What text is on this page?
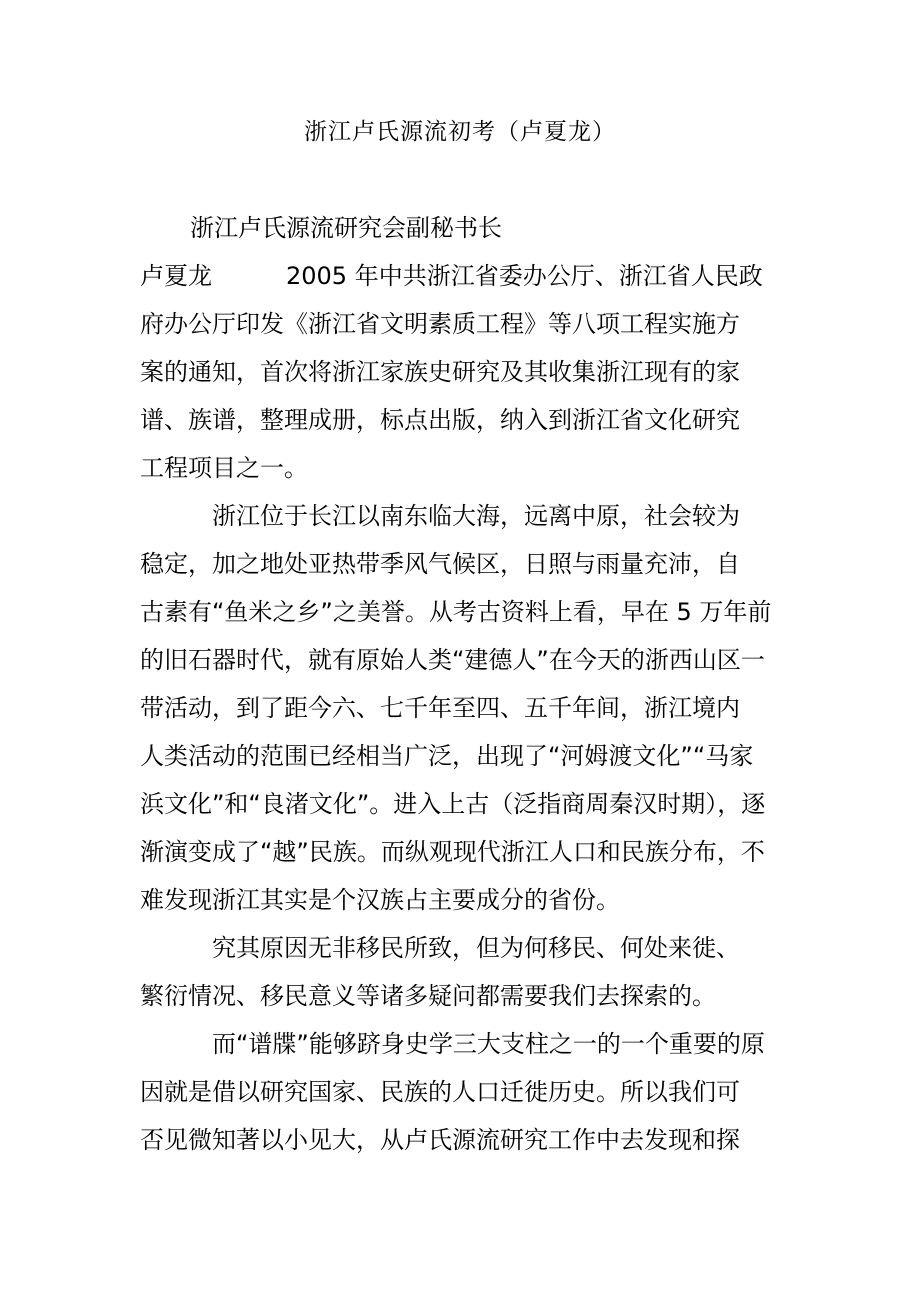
浙江卢氏源流初考（卢夏龙）
浙江卢氏源流研究会副秘书长
卢夏龙	2005 年中共浙江省委办公厅、浙江省人民政
府办公厅印发《浙江省文明素质工程》等八项工程实施方
案的通知，首次将浙江家族史研究及其收集浙江现有的家
谱、族谱，整理成册，标点出版，纳入到浙江省文化研究
工程项目之一。
浙江位于长江以南东临大海，远离中原，社会较为
稳定，加之地处亚热带季风气候区，日照与雨量充沛，自
古素有“鱼米之乡”之美誉。从考古资料上看，早在 5 万年前
的旧石器时代，就有原始人类“建德人”在今天的浙西山区一
带活动，到了距今六、七千年至四、五千年间，浙江境内
人类活动的范围已经相当广泛，出现了“河姆渡文化”“马家
浜文化”和“良渚文化”。进入上古（泛指商周秦汉时期），逐
渐演变成了“越”民族。而纵观现代浙江人口和民族分布，不
难发现浙江其实是个汉族占主要成分的省份。
究其原因无非移民所致，但为何移民、何处来徙、
繁衍情况、移民意义等诸多疑问都需要我们去探索的。
而“谱牒”能够跻身史学三大支柱之一的一个重要的原
因就是借以研究国家、民族的人口迁徙历史。所以我们可
否见微知著以小见大，从卢氏源流研究工作中去发现和探
